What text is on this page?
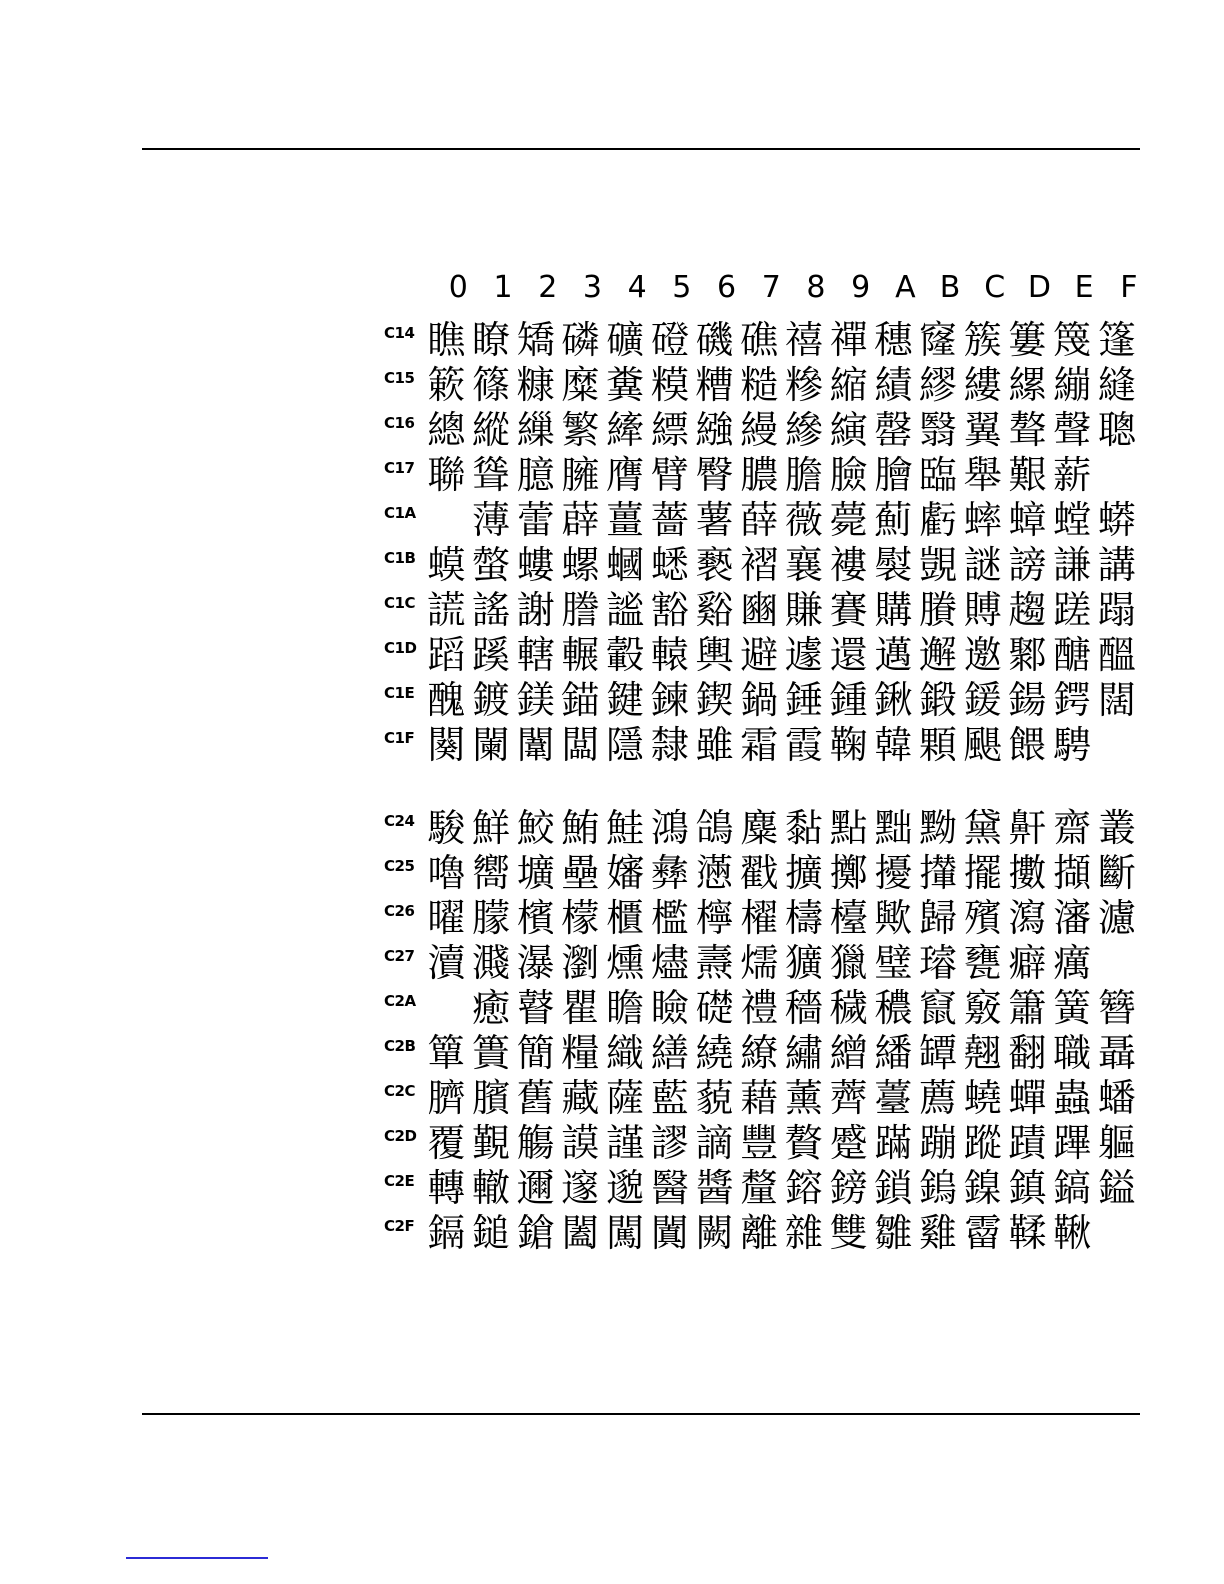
0 1 2 3 4 5 6 7 8 9 A B C D E F
C14 瞧 瞭 矯 磷 礦 磴 磯 礁 禧 禪 穗 窿 簇 簍 篾 篷
C15 簌 篠 糠 糜 糞 糢 糟 糙 糝 縮 績 繆 縷 縲 繃 縫
C16 總 縱 繅 繁 縴 縹 繈 縵 縿 縯 罄 翳 翼 聱 聲 聰
C17 聯 聳 臆 臃 膺 臂 臀 膿 膽 臉 膾 臨 舉 艱 薪
C1A 薄 蕾 薜 薑 薔 薯 薛 薇 薨 薊 虧 蟀 蟑 螳 蟒
C1B 蟆 螫 螻 螺 蟈 蟋 褻 褶 襄 褸 褽 覬 謎 謗 謙 講
C1C 謊 謠 謝 謄 謐 豁 谿 豳 賺 賽 購 賸 賻 趨 蹉 蹋
C1D 蹈 蹊 轄 輾 轂 轅 輿 避 遽 還 邁 邂 邀 鄹 醣 醞
C1E 醜 鍍 鎂 錨 鍵 鍊 鍥 鍋 錘 鍾 鍬 鍛 鍰 鍚 鍔 闊
C1F 闋 闌 闈 闆 隱 隸 雖 霜 霞 鞠 韓 顆 颶 餵 騁
C24 駿 鮮 鮫 鮪 鮭 鴻 鴿 麋 黏 點 黜 黝 黛 鼾 齋 叢
C25 嚕 嚮 壙 壘 嬸 彝 懣 戳 擴 擲 擾 攆 擺 擻 擷 斷
C26 曜 朦 檳 檬 櫃 檻 檸 櫂 檮 檯 歟 歸 殯 瀉 瀋 濾
C27 瀆 濺 瀑 瀏 燻 燼 燾 燸 獷 獵 璧 璿 甕 癖 癘
C2A 癒 瞽 瞿 瞻 瞼 礎 禮 穡 穢 穠 竄 竅 簫 簧 簪
C2B 簞 簣 簡 糧 織 繕 繞 繚 繡 繒 繙 罈 翹 翻 職 聶
C2C 臍 臏 舊 藏 薩 藍 藐 藉 薰 薺 薹 薦 蟯 蟬 蟲 蟠
C2D 覆 覲 觴 謨 謹 謬 謫 豐 贅 蹙 蹣 蹦 蹤 蹟 蹕 軀
C2E 轉 轍 邇 邃 邈 醫 醬 釐 鎔 鎊 鎖 鎢 鎳 鎮 鎬 鎰
C2F 鎘 鎚 鎗 闔 闖 闐 闕 離 雜 雙 雛 雞 霤 鞣 鞦
